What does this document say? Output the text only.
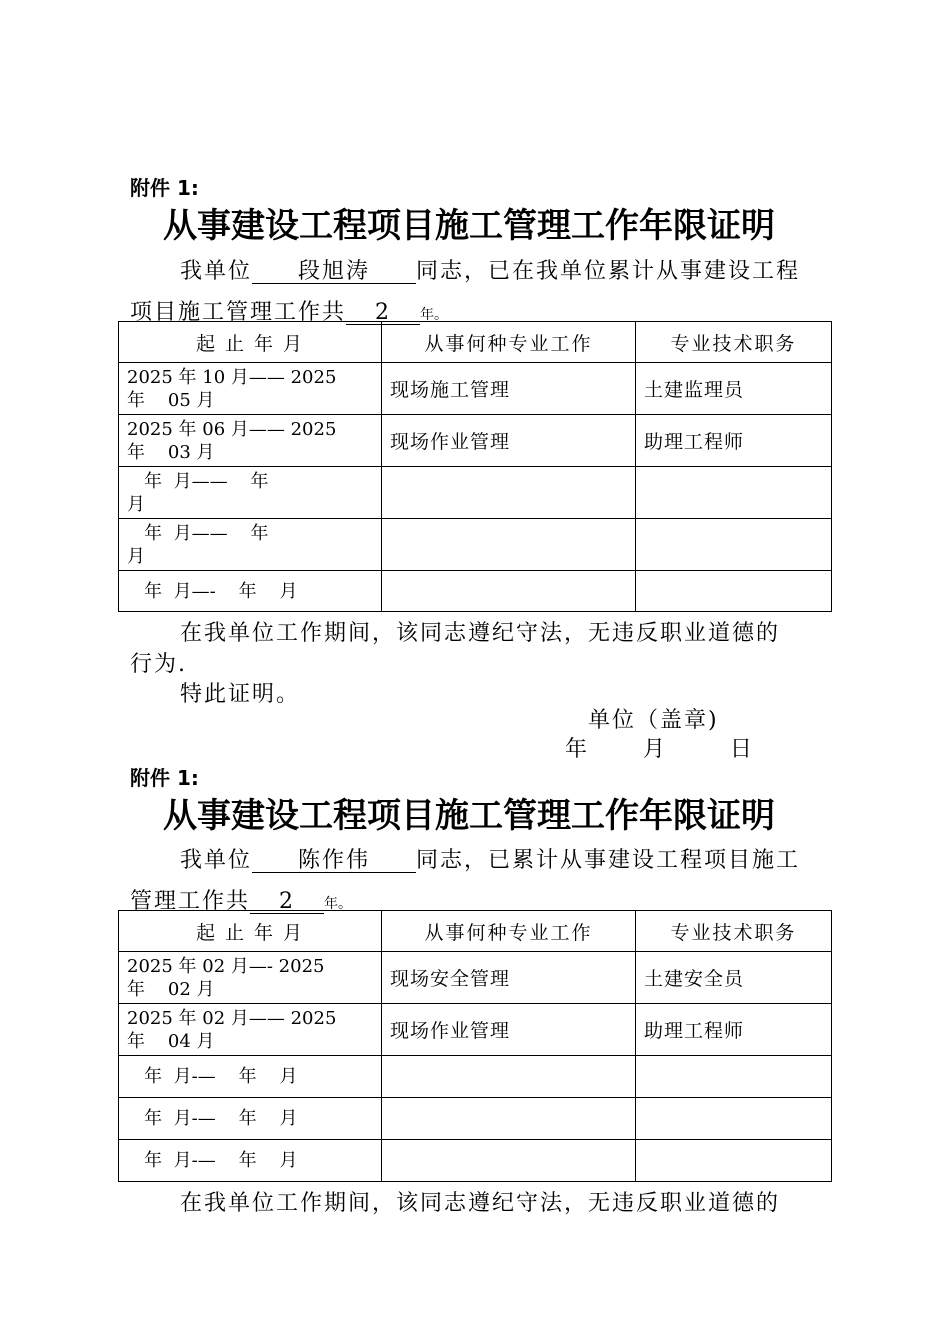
附件 1:
从事建设工程项目施工管理工作年限证明
我单位 段旭涛 同志，已在我单位累计从事建设工程
项目施工管理工作共 2 年。
起 止 年 月	从事何种专业工作	专业技术职务
2025 年 10 月—— 2025
年    05 月	现场施工管理	土建监理员
2025 年 06 月—— 2025
年    03 月	现场作业管理	助理工程师
年  月——    年
月		
年  月——    年
月		
年  月—-    年    月		
在我单位工作期间，该同志遵纪守法，无违反职业道德的
行为.
特此证明。
单位（盖章)
年      月       日
附件 1:
从事建设工程项目施工管理工作年限证明
我单位 陈作伟 同志，已累计从事建设工程项目施工
管理工作共 2 年。
起 止 年 月	从事何种专业工作	专业技术职务
2025 年 02 月—- 2025
年    02 月	现场安全管理	土建安全员
2025 年 02 月—— 2025
年    04 月	现场作业管理	助理工程师
年  月-—    年    月		
年  月-—    年    月		
年  月-—    年    月		
在我单位工作期间，该同志遵纪守法，无违反职业道德的
